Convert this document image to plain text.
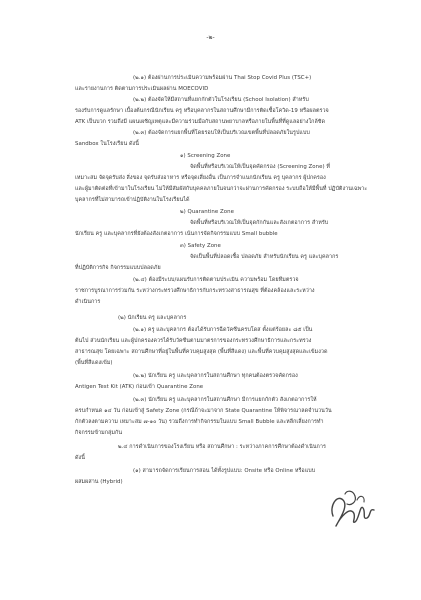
-๒-
(๒.๑) ต้องผ่านการประเมินความพร้อมผ่าน Thai Stop Covid Plus (TSC+)
และรายงานการ ติดตามการประเมินผลผ่าน MOECOVID
(๒.๒) ต้องจัดให้มีสถานที่แยกกักตัวในโรงเรียน (School Isolation) สำหรับ
รองรับการดูแลรักษา เบื้องต้นกรณีนักเรียน ครู หรือบุคลากรในสถานศึกษามีการติดเชื้อโควิด-19 หรือผลตรวจ
ATK เป็นบวก รวมถึงมี แผนเผชิญเหตุและมีความร่วมมือกับสถานพยาบาลหรือภายในพื้นที่ที่ดูแลอย่างใกล้ชิด
(๒.๓) ต้องจัดการแยกพื้นที่โดยรอบให้เป็นบริเวณเขตพื้นที่ปลอดภัยในรูปแบบ
Sandbox ในโรงเรียน ดังนี้
๑) Screening Zone
จัดพื้นที่หรือบริเวณให้เป็นจุดคัดกรอง (Screening Zone) ที่
เหมาะสม จัดจุดรับส่ง สิ่งของ จุดรับส่งอาหาร หรือจุดเสี่ยงอื่น เป็นการจำแนกนักเรียน ครู บุคลากร ผู้ปกครอง
และผู้มาติดต่อที่เข้ามาในโรงเรียน ไม่ให้มีสัมผัสกับบุคคลภายในจนกว่าจะผ่านการคัดกรอง ระบบถือให้มีพื้นที่ ปฏิบัติงานเฉพาะ
บุคลากรที่ไม่สามารถเข้าปฏิบัติงานในโรงเรียนได้
๒) Quarantine Zone
จัดพื้นที่หรือบริเวณให้เป็นจุดกักกันและสังเกตอาการ สำหรับ
นักเรียน ครู และบุคลากรที่ยังต้องสังเกตอาการ เน้นการจัดกิจกรรมแบบ Small bubble
๓) Safety Zone
จัดเป็นพื้นที่ปลอดเชื้อ ปลอดภัย สำหรับนักเรียน ครู และบุคลากร
ที่ปฏิบัติการกิจ กิจกรรมแบบปลอดภัย
(๒.๔) ต้องมีระบบ/แผนรับการติดตามประเมิน ความพร้อม โดยทีมตรวจ
ราชการบูรณาการร่วมกัน ระหว่างกระทรวงศึกษาธิการกับกระทรวงสาธารณสุข ที่ต้องคล้องและระหว่าง
ดำเนินการ
(๒) นักเรียน ครู และบุคลากร
(๒.๑) ครู และบุคลากร ต้องได้รับการฉีดวัคซีนครบโดส ตั้งแต่ร้อยละ ๘๕ เป็น
ต้นไป ส่วนนักเรียน และผู้ปกครองควรได้รับวัคซีนตามมาตรการของกระทรวงศึกษาธิการและกระทรวง
สาธารณสุข โดยเฉพาะ สถานศึกษาที่อยู่ในพื้นที่ควบคุมสูงสุด (พื้นที่สีแดง) และพื้นที่ควบคุมสูงสุดและเข้มงวด
(พื้นที่สีแดงเข้ม)
(๒.๒) นักเรียน ครู และบุคลากรในสถานศึกษา ทุกคนต้องตรวจคัดกรอง
Antigen Test Kit (ATK) ก่อนเข้า Quarantine Zone
(๒.๓) นักเรียน ครู และบุคลากรในสถานศึกษา มีการแยกกักตัว สังเกตอาการให้
ครบกำหนด ๑๔ วัน ก่อนเข้าสู่ Safety Zone (กรณีถ้าจะมาจาก State Quarantine ให้พิจารณาลดจำนวนวัน
กักตัวลงตามความ เหมาะสม ๗-๑๐ วัน) รวมถึงการทำกิจกรรมในแบบ Small Bubble และหลีกเลี่ยงการทำ
กิจกรรมข้ามกลุ่มกัน
๒.๔ การดำเนินการของโรงเรียน หรือ สถานศึกษา : ระหว่างภาคการศึกษาต้องดำเนินการ
ดังนี้
(๑) สามารถจัดการเรียนการสอน ได้ทั้งรูปแบบ: Onsite หรือ Online หรือแบบ
ผสมผสาน (Hybrid)
